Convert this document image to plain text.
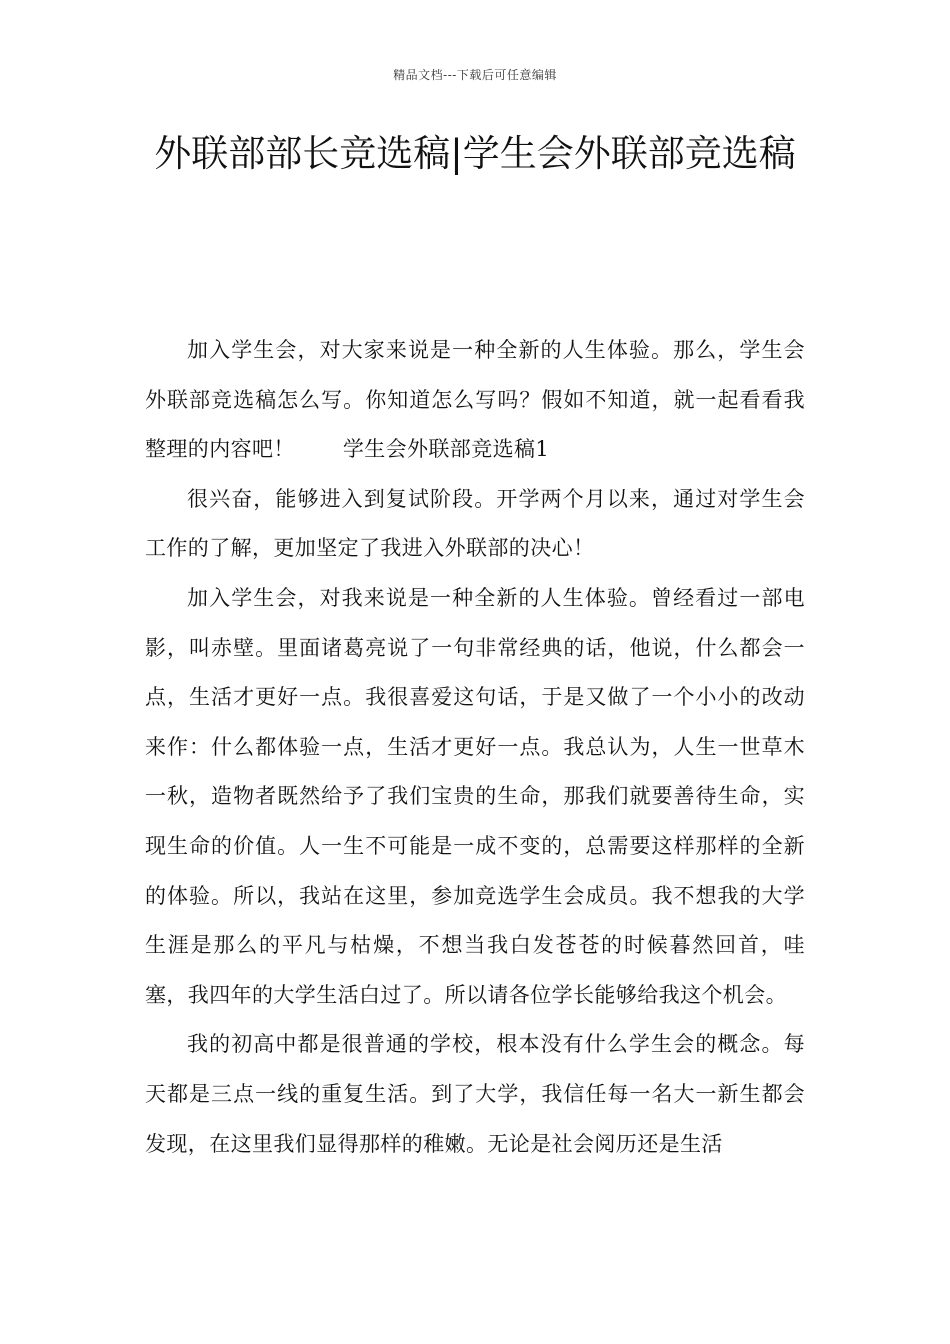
精品文档---下载后可任意编辑
外联部部长竞选稿|学生会外联部竞选稿

加入学生会，对大家来说是一种全新的人生体验。那么，学生会外联部竞选稿怎么写。你知道怎么写吗？假如不知道，就一起看看我整理的内容吧！ 学生会外联部竞选稿1

很兴奋，能够进入到复试阶段。开学两个月以来，通过对学生会工作的了解，更加坚定了我进入外联部的决心！

加入学生会，对我来说是一种全新的人生体验。曾经看过一部电影，叫赤壁。里面诸葛亮说了一句非常经典的话，他说，什么都会一点，生活才更好一点。我很喜爱这句话，于是又做了一个小小的改动来作：什么都体验一点，生活才更好一点。我总认为，人生一世草木一秋，造物者既然给予了我们宝贵的生命，那我们就要善待生命，实现生命的价值。人一生不可能是一成不变的，总需要这样那样的全新的体验。所以，我站在这里，参加竞选学生会成员。我不想我的大学生涯是那么的平凡与枯燥，不想当我白发苍苍的时候暮然回首，哇塞，我四年的大学生活白过了。所以请各位学长能够给我这个机会。

我的初高中都是很普通的学校，根本没有什么学生会的概念。每天都是三点一线的重复生活。到了大学，我信任每一名大一新生都会发现，在这里我们显得那样的稚嫩。无论是社会阅历还是生活
